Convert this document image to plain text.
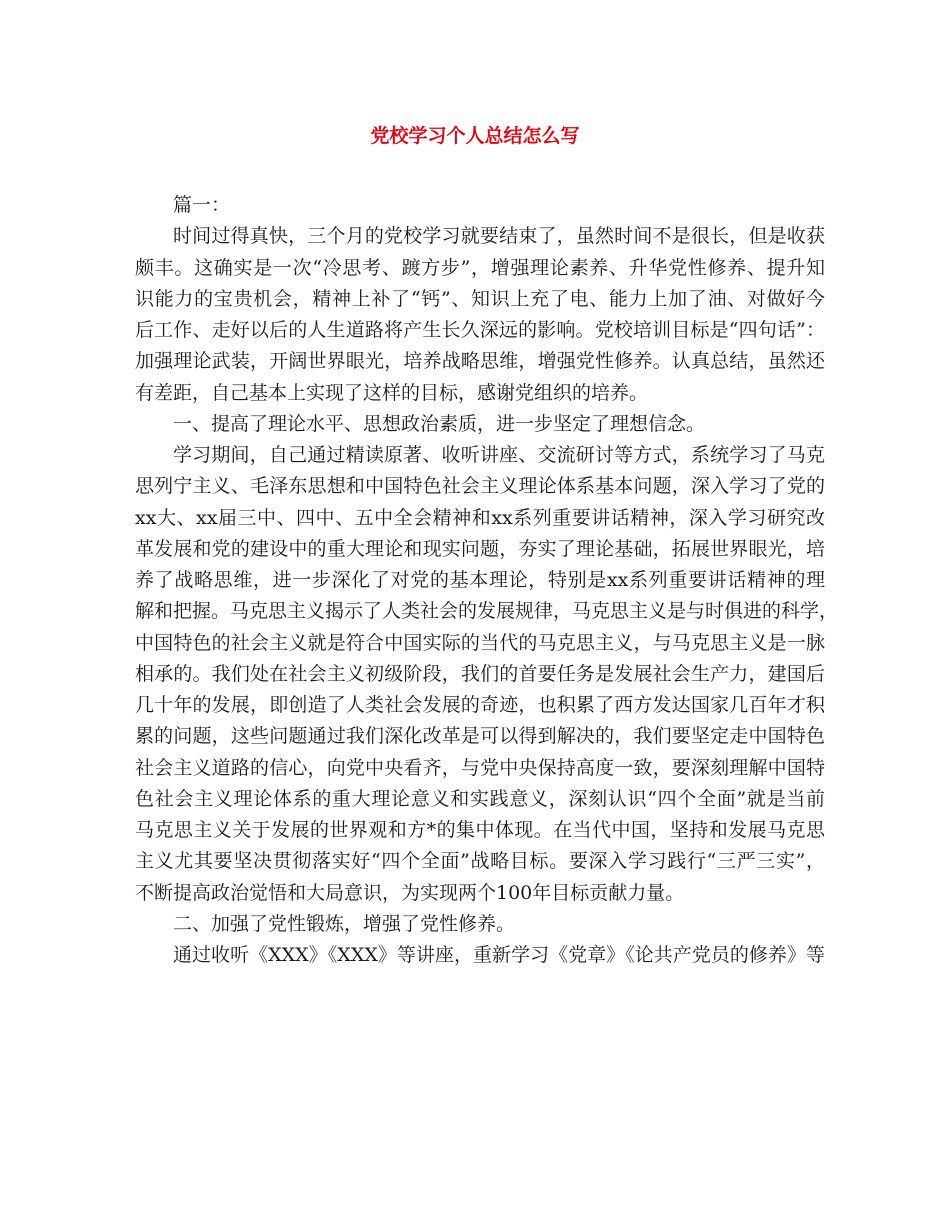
党校学习个人总结怎么写
篇一：
时间过得真快，三个月的党校学习就要结束了，虽然时间不是很长，但是收获
颇丰。这确实是一次“冷思考、踱方步”，增强理论素养、升华党性修养、提升知
识能力的宝贵机会，精神上补了“钙”、知识上充了电、能力上加了油、对做好今
后工作、走好以后的人生道路将产生长久深远的影响。党校培训目标是“四句话”：
加强理论武装，开阔世界眼光，培养战略思维，增强党性修养。认真总结，虽然还
有差距，自己基本上实现了这样的目标，感谢党组织的培养。
一、提高了理论水平、思想政治素质，进一步坚定了理想信念。
学习期间，自己通过精读原著、收听讲座、交流研讨等方式，系统学习了马克
思列宁主义、毛泽东思想和中国特色社会主义理论体系基本问题，深入学习了党的
xx大、xx届三中、四中、五中全会精神和xx系列重要讲话精神，深入学习研究改
革发展和党的建设中的重大理论和现实问题，夯实了理论基础，拓展世界眼光，培
养了战略思维，进一步深化了对党的基本理论，特别是xx系列重要讲话精神的理
解和把握。马克思主义揭示了人类社会的发展规律，马克思主义是与时俱进的科学，
中国特色的社会主义就是符合中国实际的当代的马克思主义，与马克思主义是一脉
相承的。我们处在社会主义初级阶段，我们的首要任务是发展社会生产力，建国后
几十年的发展，即创造了人类社会发展的奇迹，也积累了西方发达国家几百年才积
累的问题，这些问题通过我们深化改革是可以得到解决的，我们要坚定走中国特色
社会主义道路的信心，向党中央看齐，与党中央保持高度一致，要深刻理解中国特
色社会主义理论体系的重大理论意义和实践意义，深刻认识“四个全面”就是当前
马克思主义关于发展的世界观和方*的集中体现。在当代中国，坚持和发展马克思
主义尤其要坚决贯彻落实好“四个全面”战略目标。要深入学习践行“三严三实”，
不断提高政治觉悟和大局意识，为实现两个100年目标贡献力量。
二、加强了党性锻炼，增强了党性修养。
通过收听《XXX》《XXX》等讲座，重新学习《党章》《论共产党员的修养》等
